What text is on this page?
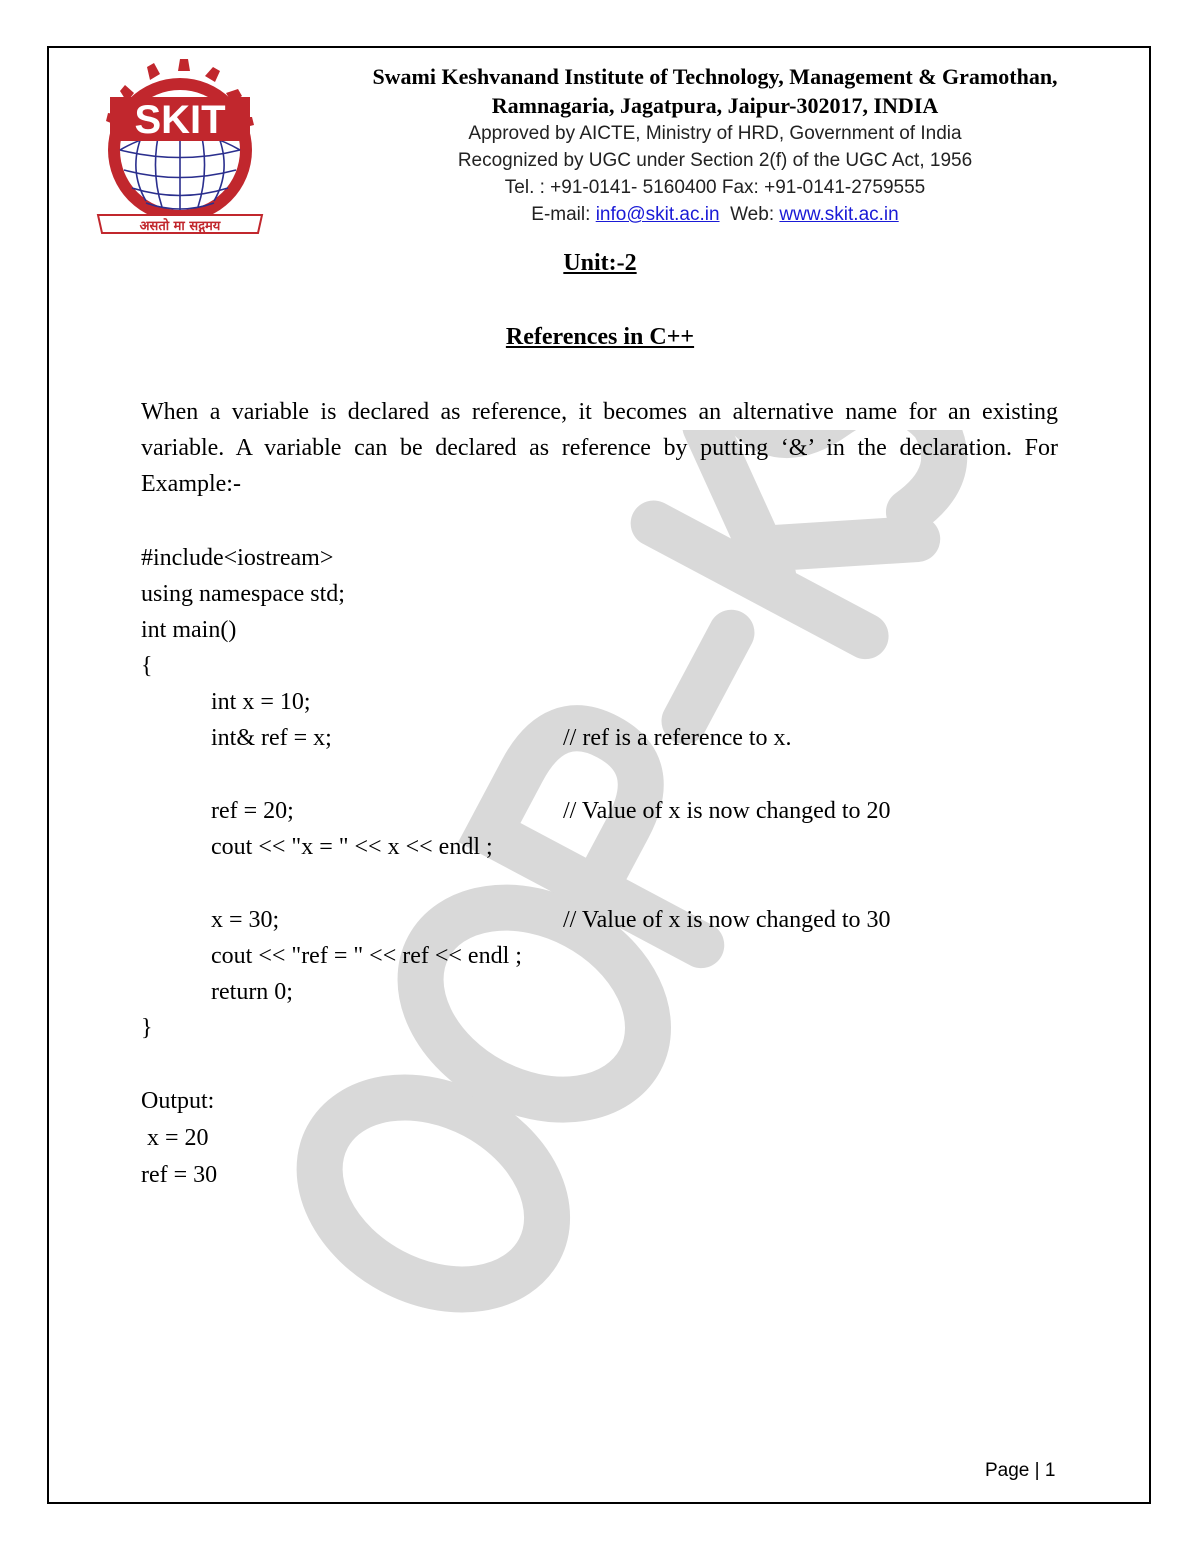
SKIT
असतो मा सद्गमय
Swami Keshvanand Institute of Technology, Management & Gramothan,
Ramnagaria, Jagatpura, Jaipur-302017, INDIA
Approved by AICTE, Ministry of HRD, Government of India
Recognized by UGC under Section 2(f) of the UGC Act, 1956
Tel. : +91-0141- 5160400 Fax: +91-0141-2759555
E-mail: info@skit.ac.in Web: www.skit.ac.in
Unit:-2
References in C++
When a variable is declared as reference, it becomes an alternative name for an existing variable. A variable can be declared as reference by putting ‘&’ in the declaration. For Example:-
#include<iostream>
using namespace std;
int main()
{
int x = 10;
int& ref = x;	// ref is a reference to x.
ref = 20;	// Value of x is now changed to 20
cout << "x = " << x << endl ;
x = 30;	// Value of x is now changed to 30
cout << "ref = " << ref << endl ;
return 0;
}
Output:
x = 20
ref = 30
Page | 1
